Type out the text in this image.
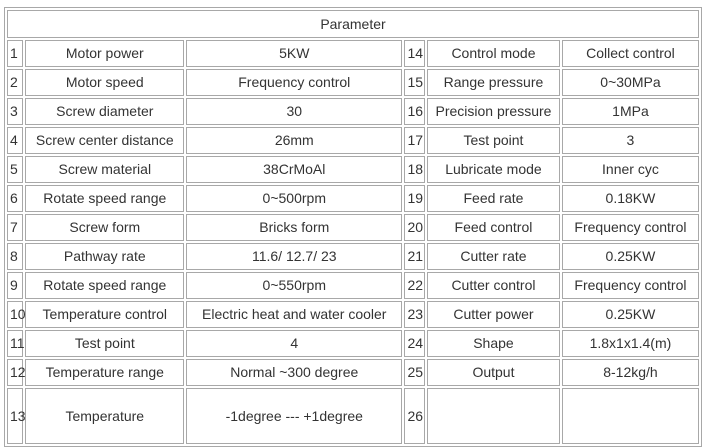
Parameter					
1	Motor power	5KW	14	Control mode	Collect control
2	Motor speed	Frequency control	15	Range pressure	0~30MPa
3	Screw diameter	30	16	Precision pressure	1MPa
4	Screw center distance	26mm	17	Test point	3
5	Screw material	38CrMoAl	18	Lubricate mode	Inner cyc
6	Rotate speed range	0~500rpm	19	Feed rate	0.18KW
7	Screw form	Bricks form	20	Feed control	Frequency control
8	Pathway rate	11.6/ 12.7/ 23	21	Cutter rate	0.25KW
9	Rotate speed range	0~550rpm	22	Cutter control	Frequency control
10	Temperature control	Electric heat and water cooler	23	Cutter power	0.25KW
11	Test point	4	24	Shape	1.8x1x1.4(m)
12	Temperature range	Normal ~300 degree	25	Output	8-12kg/h
13	Temperature	-1degree --- +1degree	26		
